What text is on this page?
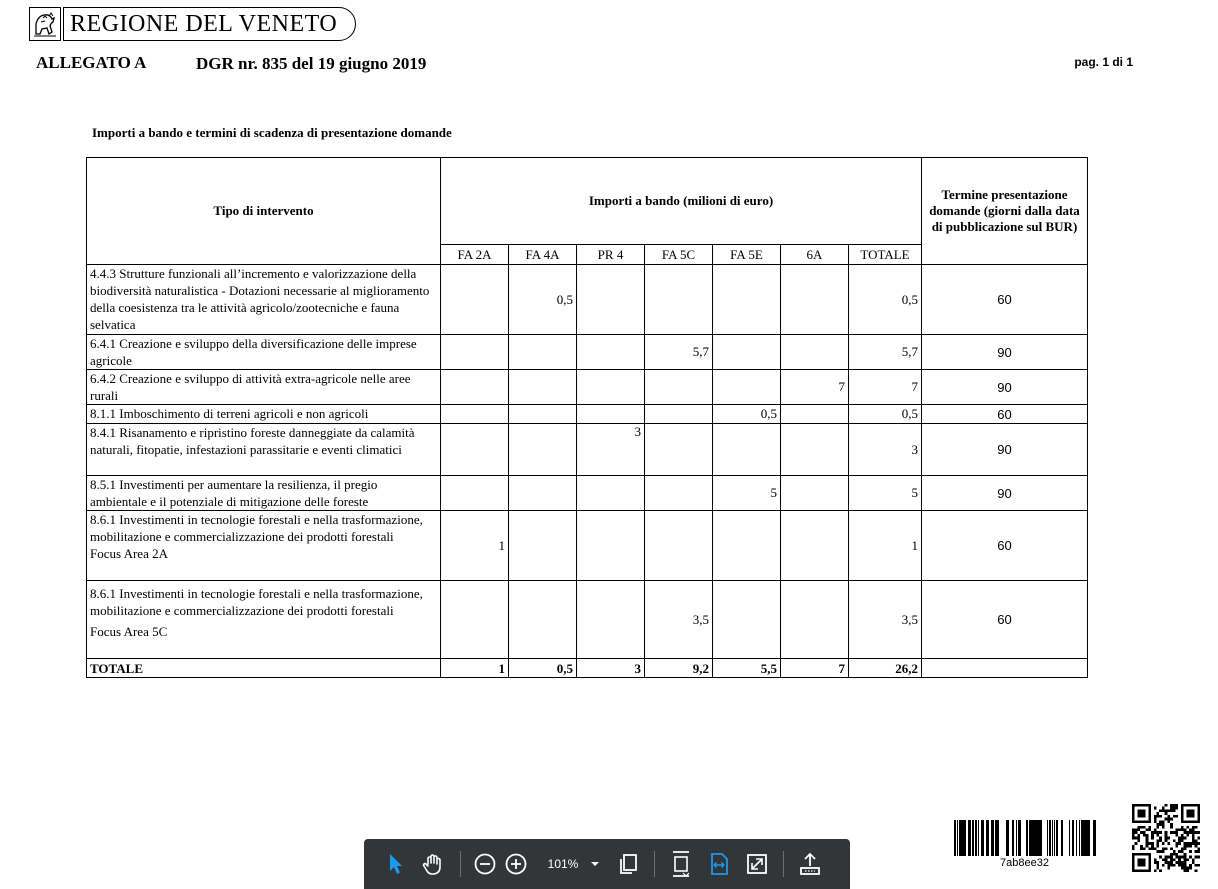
REGIONE DEL VENETO
ALLEGATO A	DGR nr. 835 del 19 giugno 2019	pag. 1 di 1
Importi a bando e termini di scadenza di presentazione domande
Tipo di intervento	Importi a bando (milioni di euro)							Termine presentazione domande (giorni dalla data di pubblicazione sul BUR)
	FA 2A	FA 4A	PR 4	FA 5C	FA 5E	6A	TOTALE	
4.4.3 Strutture funzionali all’incremento e valorizzazione della biodiversità naturalistica - Dotazioni necessarie al miglioramento della coesistenza tra le attività agricolo/zootecniche e fauna selvatica		0,5					0,5	60
6.4.1 Creazione e sviluppo della diversificazione delle imprese agricole				5,7			5,7	90
6.4.2 Creazione e sviluppo di attività extra-agricole nelle aree rurali						7	7	90
8.1.1 Imboschimento di terreni agricoli e non agricoli					0,5		0,5	60
8.4.1 Risanamento e ripristino foreste danneggiate da calamità naturali, fitopatie, infestazioni parassitarie e eventi climatici			3				3	90
8.5.1 Investimenti per aumentare la resilienza, il pregio ambientale e il potenziale di mitigazione delle foreste					5		5	90

8.6.1 Investimenti in tecnologie forestali e nella trasformazione, mobilitazione e commercializzazione dei prodotti forestali
Focus Area 2A	1						1	60

8.6.1 Investimenti in tecnologie forestali e nella trasformazione, mobilitazione e commercializzazione dei prodotti forestali
Focus Area 5C				3,5			3,5	60
TOTALE	1	0,5	3	9,2	5,5	7	26,2	
101%	7ab8ee32
